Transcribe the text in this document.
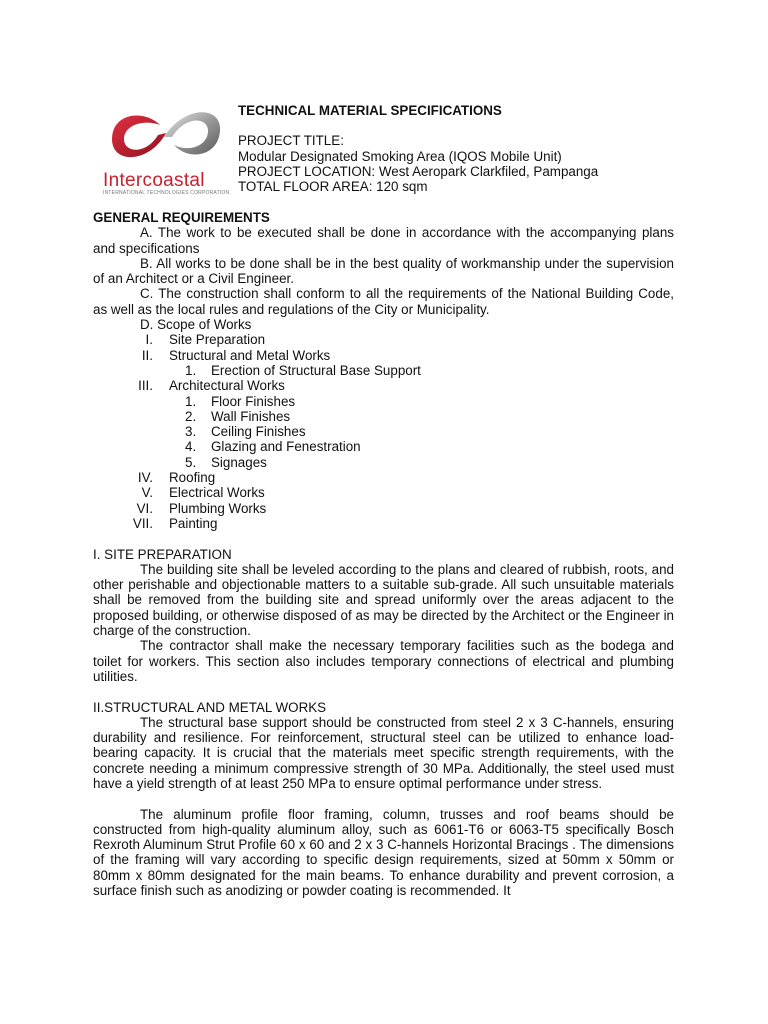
Intercoastal
INTERNATIONAL TECHNOLOGIES CORPORATION
TECHNICAL MATERIAL SPECIFICATIONS
PROJECT TITLE:
Modular Designated Smoking Area (IQOS Mobile Unit)
PROJECT LOCATION: West Aeropark Clarkfiled, Pampanga
TOTAL FLOOR AREA: 120 sqm
GENERAL REQUIREMENTS
A. The work to be executed shall be done in accordance with the accompanying plans and specifications
B. All works to be done shall be in the best quality of workmanship under the supervision of an Architect or a Civil Engineer.
C. The construction shall conform to all the requirements of the National Building Code, as well as the local rules and regulations of the City or Municipality.
D. Scope of Works
I.	Site Preparation
II.	Structural and Metal Works
1.	Erection of Structural Base Support
III.	Architectural Works
1.	Floor Finishes
2.	Wall Finishes
3.	Ceiling Finishes
4.	Glazing and Fenestration
5.	Signages
IV.	Roofing
V.	Electrical Works
VI.	Plumbing Works
VII.	Painting
I. SITE PREPARATION
The building site shall be leveled according to the plans and cleared of rubbish, roots, and other perishable and objectionable matters to a suitable sub-grade. All such unsuitable materials shall be removed from the building site and spread uniformly over the areas adjacent to the proposed building, or otherwise disposed of as may be directed by the Architect or the Engineer in charge of the construction.
The contractor shall make the necessary temporary facilities such as the bodega and toilet for workers. This section also includes temporary connections of electrical and plumbing utilities.
II.STRUCTURAL AND METAL WORKS
The structural base support should be constructed from steel 2 x 3 C-hannels, ensuring durability and resilience. For reinforcement, structural steel can be utilized to enhance load-bearing capacity. It is crucial that the materials meet specific strength requirements, with the concrete needing a minimum compressive strength of 30 MPa. Additionally, the steel used must have a yield strength of at least 250 MPa to ensure optimal performance under stress.
The aluminum profile floor framing, column, trusses and roof beams should be constructed from high-quality aluminum alloy, such as 6061-T6 or 6063-T5 specifically Bosch Rexroth Aluminum Strut Profile 60 x 60 and 2 x 3 C-hannels Horizontal Bracings . The dimensions of the framing will vary according to specific design requirements, sized at 50mm x 50mm or 80mm x 80mm designated for the main beams. To enhance durability and prevent corrosion, a surface finish such as anodizing or powder coating is recommended. It
